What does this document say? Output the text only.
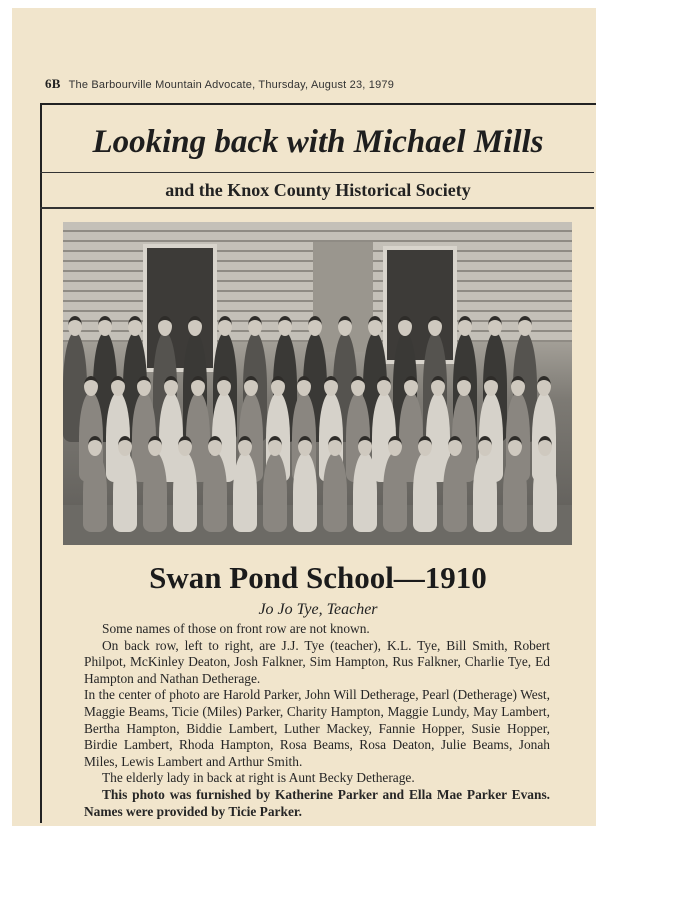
6B The Barbourville Mountain Advocate, Thursday, August 23, 1979
Looking back with Michael Mills
and the Knox County Historical Society
Swan Pond School—1910
Jo Jo Tye, Teacher

Some names of those on front row are not known.

On back row, left to right, are J.J. Tye (teacher), K.L. Tye, Bill Smith, Robert Philpot, McKinley Deaton, Josh Falkner, Sim Hampton, Rus Falkner, Charlie Tye, Ed Hampton and Nathan Detherage.

In the center of photo are Harold Parker, John Will Detherage, Pearl (Detherage) West, Maggie Beams, Ticie (Miles) Parker, Charity Hampton, Maggie Lundy, May Lambert, Bertha Hampton, Biddie Lambert, Luther Mackey, Fannie Hopper, Susie Hopper, Birdie Lambert, Rhoda Hampton, Rosa Beams, Rosa Deaton, Julie Beams, Jonah Miles, Lewis Lambert and Arthur Smith.

The elderly lady in back at right is Aunt Becky Detherage.

This photo was furnished by Katherine Parker and Ella Mae Parker Evans. Names were provided by Ticie Parker.
